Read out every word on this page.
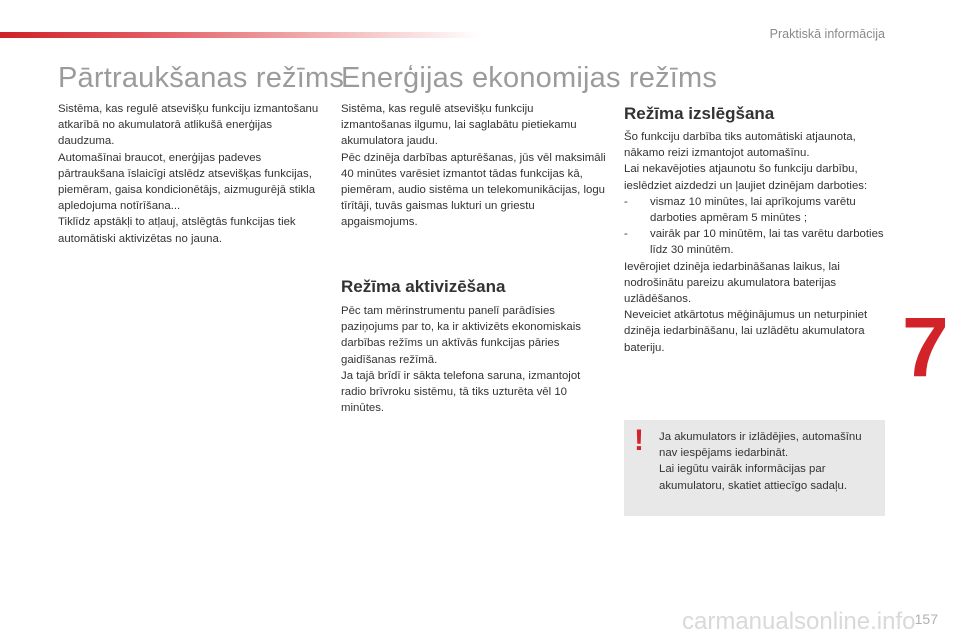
Praktiskā informācija
Pārtraukšanas režīms

Sistēma, kas regulē atsevišķu funkciju izmantošanu atkarībā no akumulatorā atlikušā enerģijas daudzuma.

Automašīnai braucot, enerģijas padeves pārtraukšana īslaicīgi atslēdz atsevišķas funkcijas, piemēram, gaisa kondicionētājs, aizmugurējā stikla apledojuma notīrīšana...

Tiklīdz apstākļi to atļauj, atslēgtās funkcijas tiek automātiski aktivizētas no jauna.

Enerģijas ekonomijas režīms

Sistēma, kas regulē atsevišķu funkciju izmantošanas ilgumu, lai saglabātu pietiekamu akumulatora jaudu.

Pēc dzinēja darbības apturēšanas, jūs vēl maksimāli 40 minūtes varēsiet izmantot tādas funkcijas kā, piemēram, audio sistēma un telekomunikācijas, logu tīrītāji, tuvās gaismas lukturi un griestu apgaismojums.

Režīma aktivizēšana

Pēc tam mērinstrumentu panelī parādīsies paziņojums par to, ka ir aktivizēts ekonomiskais darbības režīms un aktīvās funkcijas pāries gaidīšanas režīmā.

Ja tajā brīdī ir sākta telefona saruna, izmantojot radio brīvroku sistēmu, tā tiks uzturēta vēl 10 minūtes.

Režīma izslēgšana

Šo funkciju darbība tiks automātiski atjaunota, nākamo reizi izmantojot automašīnu.

Lai nekavējoties atjaunotu šo funkciju darbību, ieslēdziet aizdedzi un ļaujiet dzinējam darboties:

- vismaz 10 minūtes, lai aprīkojums varētu darboties apmēram 5 minūtes ;
- vairāk par 10 minūtēm, lai tas varētu darboties līdz 30 minūtēm.

Ievērojiet dzinēja iedarbināšanas laikus, lai nodrošinātu pareizu akumulatora baterijas uzlādēšanos.

Neveiciet atkārtotus mēģinājumus un neturpiniet dzinēja iedarbināšanu, lai uzlādētu akumulatora bateriju.

! Ja akumulators ir izlādējies, automašīnu nav iespējams iedarbināt.

Lai iegūtu vairāk informācijas par akumulatoru, skatiet attiecīgo sadaļu.

7
carmanualsonline.info 157
